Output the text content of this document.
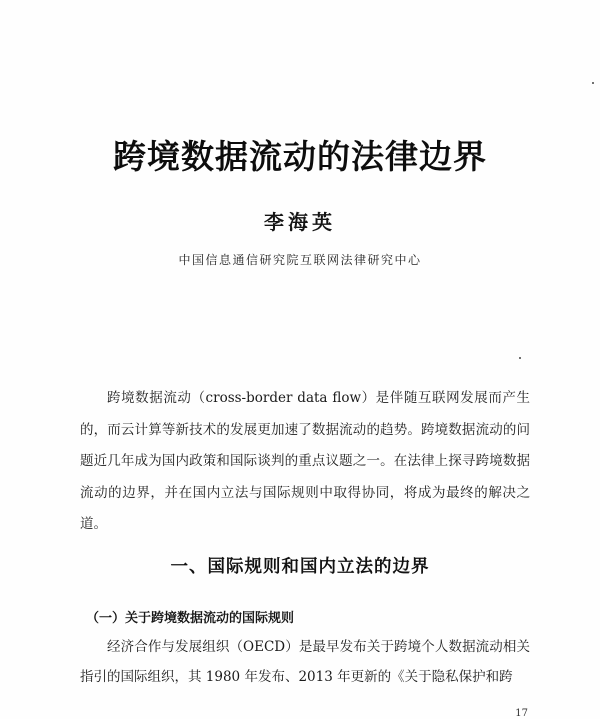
跨境数据流动的法律边界
李海英
中国信息通信研究院互联网法律研究中心

跨境数据流动（cross-border data flow）是伴随互联网发展而产生的，而云计算等新技术的发展更加速了数据流动的趋势。跨境数据流动的问题近几年成为国内政策和国际谈判的重点议题之一。在法律上探寻跨境数据流动的边界，并在国内立法与国际规则中取得协同，将成为最终的解决之道。

一、国际规则和国内立法的边界
（一）关于跨境数据流动的国际规则

经济合作与发展组织（OECD）是最早发布关于跨境个人数据流动相关指引的国际组织，其 1980 年发布、2013 年更新的《关于隐私保护和跨

17
